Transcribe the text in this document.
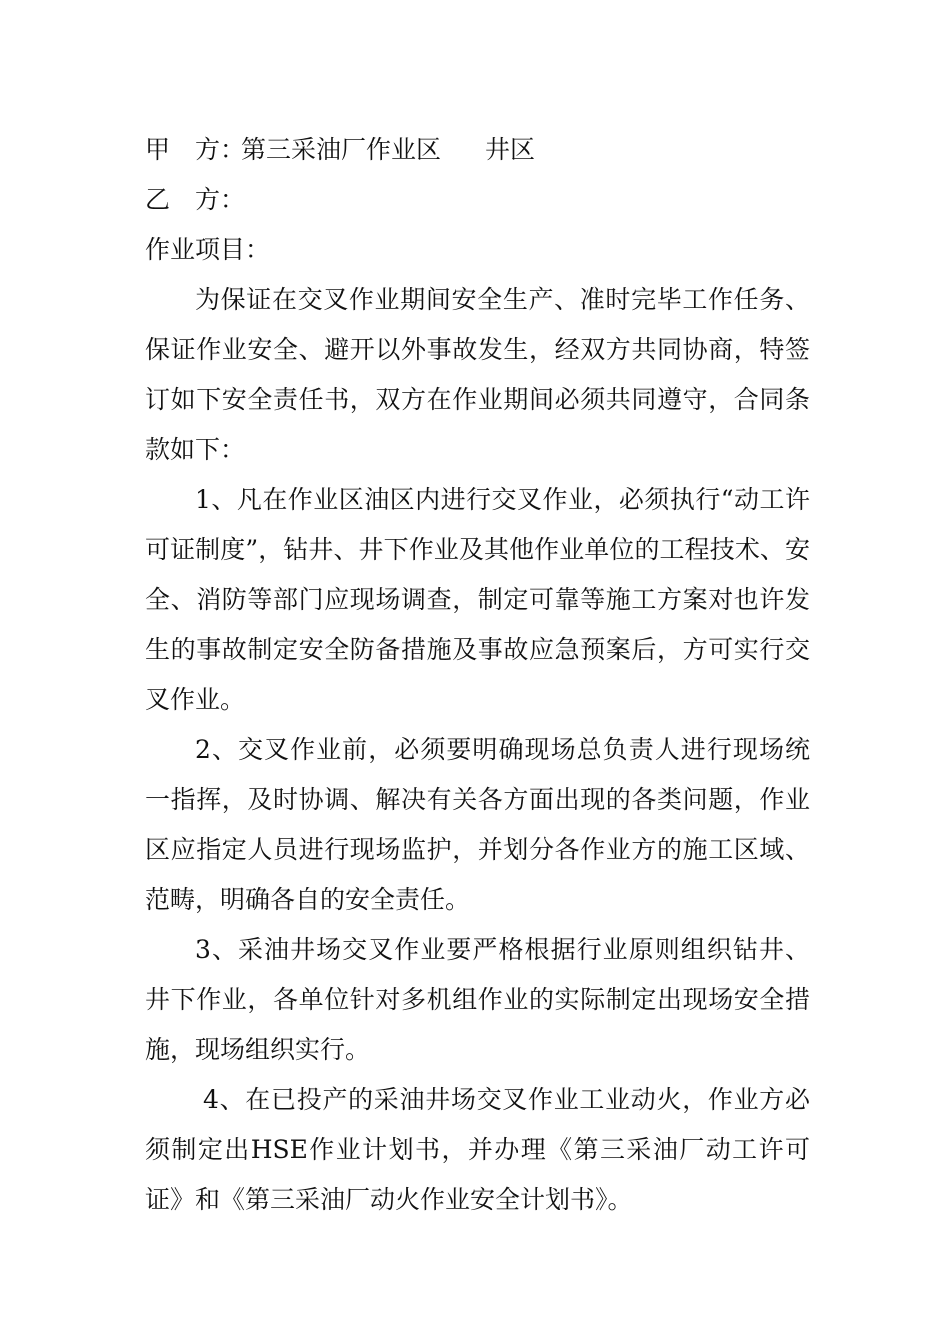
甲　方：第三采油厂作业区 井区
乙　方：
作业项目：

为保证在交叉作业期间安全生产、准时完毕工作任务、保证作业安全、避开以外事故发生，经双方共同协商，特签订如下安全责任书，双方在作业期间必须共同遵守，合同条款如下：

1、凡在作业区油区内进行交叉作业，必须执行“动工许可证制度”，钻井、井下作业及其他作业单位的工程技术、安全、消防等部门应现场调查，制定可靠等施工方案对也许发生的事故制定安全防备措施及事故应急预案后，方可实行交叉作业。

2、交叉作业前，必须要明确现场总负责人进行现场统一指挥，及时协调、解决有关各方面出现的各类问题，作业区应指定人员进行现场监护，并划分各作业方的施工区域、范畴，明确各自的安全责任。

3、采油井场交叉作业要严格根据行业原则组织钻井、井下作业，各单位针对多机组作业的实际制定出现场安全措施，现场组织实行。

4、在已投产的采油井场交叉作业工业动火，作业方必须制定出HSE作业计划书，并办理《第三采油厂动工许可证》和《第三采油厂动火作业安全计划书》。
